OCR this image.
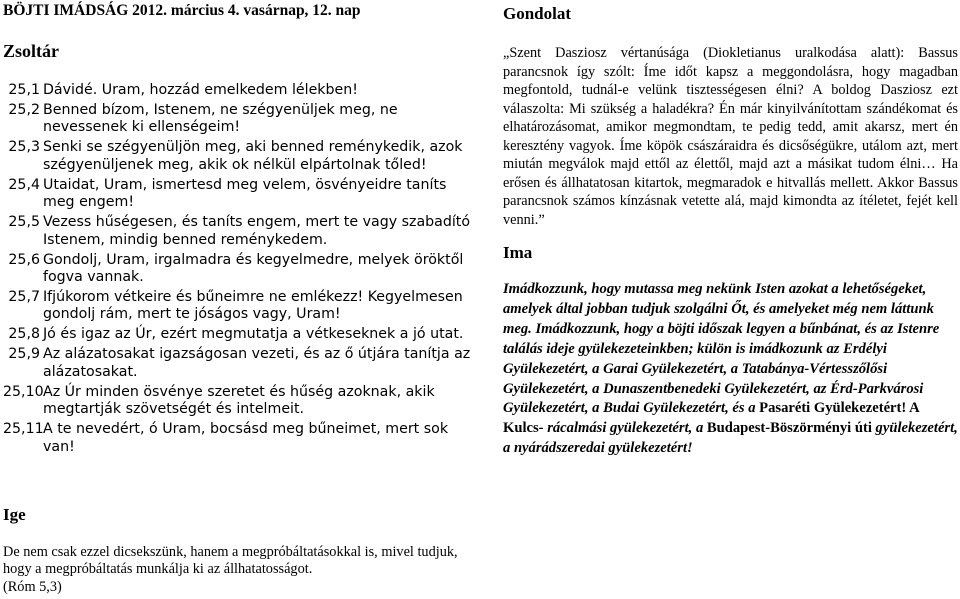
BÖJTI IMÁDSÁG 2012. március 4. vasárnap, 12. nap
Zsoltár
25,1 Dávidé. Uram, hozzád emelkedem lélekben!
25,2 Benned bízom, Istenem, ne szégyenüljek meg, ne nevessenek ki ellenségeim!
25,3 Senki se szégyenüljön meg, aki benned reménykedik, azok szégyenüljenek meg, akik ok nélkül elpártolnak tőled!
25,4 Utaidat, Uram, ismertesd meg velem, ösvényeidre taníts meg engem!
25,5 Vezess hűségesen, és taníts engem, mert te vagy szabadító Istenem, mindig benned reménykedem.
25,6 Gondolj, Uram, irgalmadra és kegyelmedre, melyek öröktől fogva vannak.
25,7 Ifjúkorom vétkeire és bűneimre ne emlékezz! Kegyelmesen gondolj rám, mert te jóságos vagy, Uram!
25,8 Jó és igaz az Úr, ezért megmutatja a vétkeseknek a jó utat.
25,9 Az alázatosakat igazságosan vezeti, és az ő útjára tanítja az alázatosakat.
25,10 Az Úr minden ösvénye szeretet és hűség azoknak, akik megtartják szövetségét és intelmeit.
25,11 A te nevedért, ó Uram, bocsásd meg bűneimet, mert sok van!
Ige
De nem csak ezzel dicsekszünk, hanem a megpróbáltatásokkal is, mivel tudjuk, hogy a megpróbáltatás munkálja ki az állhatatosságot.
(Róm 5,3)
Gondolat
„Szent Dasziosz vértanúsága (Diokletianus uralkodása alatt): Bassus parancsnok így szólt: Íme időt kapsz a meggondolásra, hogy magadban megfontold, tudnál-e velünk tisztességesen élni? A boldog Dasziosz ezt válaszolta: Mi szükség a haladékra? Én már kinyilvánítottam szándékomat és elhatározásomat, amikor megmondtam, te pedig tedd, amit akarsz, mert én keresztény vagyok. Íme köpök császáraidra és dicsőségükre, utálom azt, mert miután megválok majd ettől az élettől, majd azt a másikat tudom élni… Ha erősen és állhatatosan kitartok, megmaradok e hitvallás mellett. Akkor Bassus parancsnok számos kínzásnak vetette alá, majd kimondta az ítéletet, fejét kell venni.”
Ima
Imádkozzunk, hogy mutassa meg nekünk Isten azokat a lehetőségeket, amelyek által jobban tudjuk szolgálni Őt, és amelyeket még nem láttunk meg. Imádkozzunk, hogy a böjti időszak legyen a bűnbánat, és az Istenre találás ideje gyülekezeteinkben; külön is imádkozunk az Erdélyi Gyülekezetért, a Garai Gyülekezetért, a Tatabánya-Vértesszőlősi Gyülekezetért, a Dunaszentbenedeki Gyülekezetért, az Érd-Parkvárosi Gyülekezetért, a Budai Gyülekezetért, és a Pasaréti Gyülekezetért! A Kulcs- rácalmási gyülekezetért, a Budapest-Böszörményi úti gyülekezetért, a nyárádszeredai gyülekezetért!
